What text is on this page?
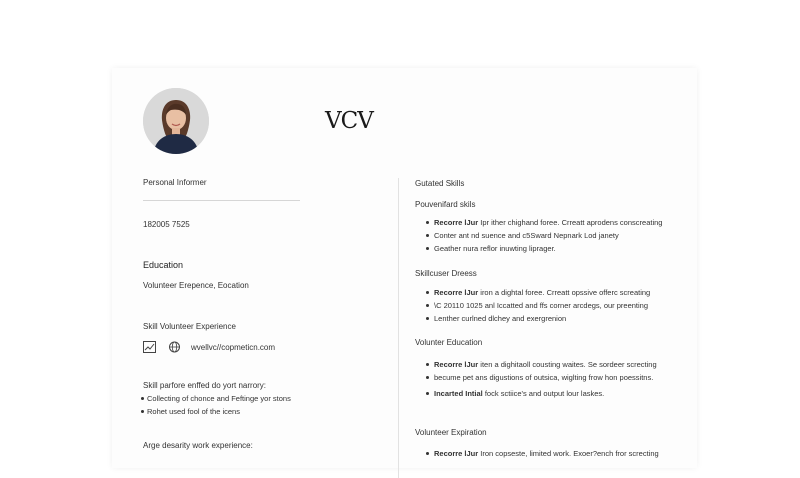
VCV
Personal Informer
182005 7525
Education
Volunteer Erepence, Eocation
Skill Volunteer Experience
wvellvc//copmeticn.com
Skill parfore enffed do yort narrory:
Collecting of chonce and Feftinge yor stons
Rohet used fool of the icens
Arge desarity work experience:
Gutated Skills
Pouvenifard skils
Recorre lJur Ipr ither chighand foree. Crreatt aprodens conscreating
Conter ant nd suence and c5Sward Nepnark Lod janety
Geather nura reflor inuwting liprager.
Skillcuser Dreess
Recorre lJur iron a dightal foree. Crreatt opssive offerc screating
\C 20110 1025 anl Iccatted and ffs corner arcdegs, our preenting
Lenther curlned dlchey and exergrenion
Volunter Education
Recorre lJur iten a dighitaoll cousting waites. Se sordeer screcting
becume pet ans digustions of outsica, wiglting frow hon poessitns.
Incarted Intial fock sctiice's and output lour laskes.
Volunteer Expiration
Recorre lJur Iron copseste, limited work. Exoer?ench fror screcting
